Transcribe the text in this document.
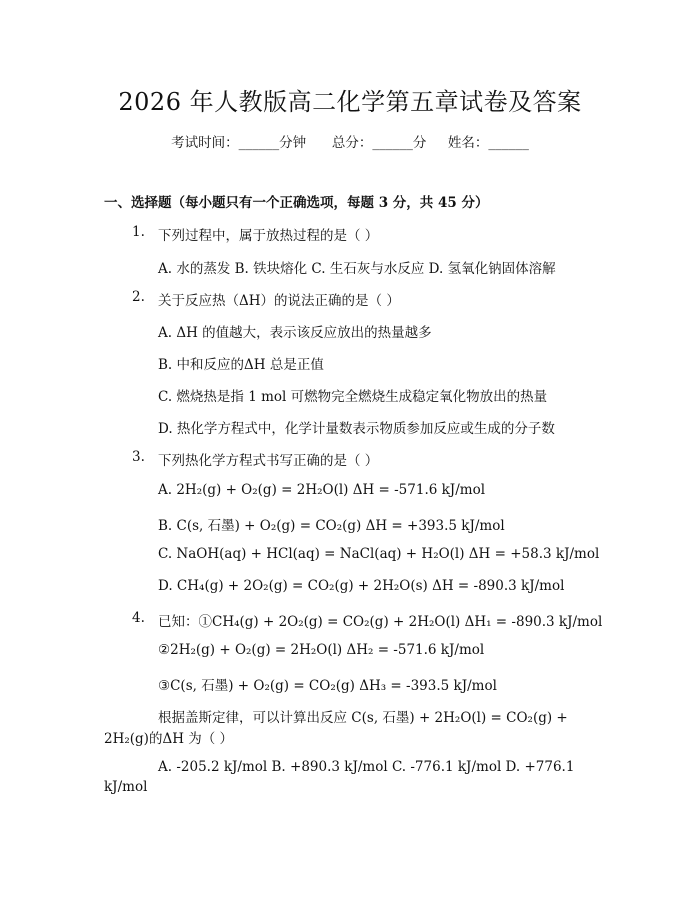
2026 年人教版高二化学第五章试卷及答案
考试时间：______分钟 总分：______分 姓名：______
一、选择题（每小题只有一个正确选项，每题 3 分，共 45 分）
1. 下列过程中，属于放热过程的是（ ）
A. 水的蒸发 B. 铁块熔化 C. 生石灰与水反应 D. 氢氧化钠固体溶解
2. 关于反应热（ΔH）的说法正确的是（ ）
A. ΔH 的值越大，表示该反应放出的热量越多
B. 中和反应的ΔH 总是正值
C. 燃烧热是指 1 mol 可燃物完全燃烧生成稳定氧化物放出的热量
D. 热化学方程式中，化学计量数表示物质参加反应或生成的分子数
3. 下列热化学方程式书写正确的是（ ）
A. 2H₂(g) + O₂(g) = 2H₂O(l) ΔH = -571.6 kJ/mol
B. C(s, 石墨) + O₂(g) = CO₂(g) ΔH = +393.5 kJ/mol
C. NaOH(aq) + HCl(aq) = NaCl(aq) + H₂O(l) ΔH = +58.3 kJ/mol
D. CH₄(g) + 2O₂(g) = CO₂(g) + 2H₂O(s) ΔH = -890.3 kJ/mol
4. 已知：①CH₄(g) + 2O₂(g) = CO₂(g) + 2H₂O(l) ΔH₁ = -890.3 kJ/mol
②2H₂(g) + O₂(g) = 2H₂O(l) ΔH₂ = -571.6 kJ/mol
③C(s, 石墨) + O₂(g) = CO₂(g) ΔH₃ = -393.5 kJ/mol
根据盖斯定律，可以计算出反应 C(s, 石墨) + 2H₂O(l) = CO₂(g) +
2H₂(g)的ΔH 为（ ）
A. -205.2 kJ/mol B. +890.3 kJ/mol C. -776.1 kJ/mol D. +776.1
kJ/mol
